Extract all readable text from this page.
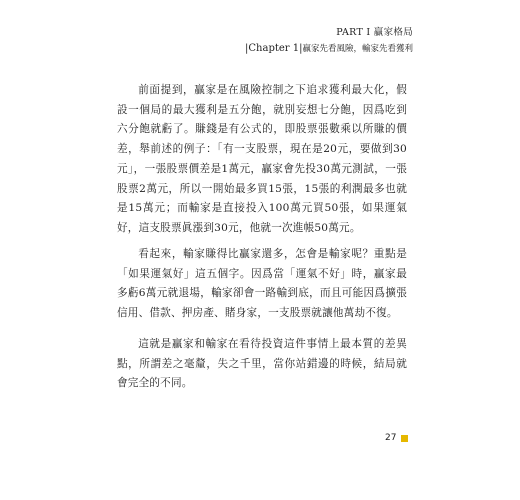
PART Ⅰ 贏家格局
|Chapter 1|贏家先看風險，輸家先看獲利

前面提到，贏家是在風險控制之下追求獲利最大化，假設一個局的最大獲利是五分飽，就別妄想七分飽，因爲吃到六分飽就虧了。賺錢是有公式的，即股票張數乘以所賺的價差，舉前述的例子：「有一支股票，現在是20元，要做到30元」，一張股票價差是1萬元，贏家會先投30萬元測試，一張股票2萬元，所以一開始最多買15張，15張的利潤最多也就是15萬元；而輸家是直接投入100萬元買50張，如果運氣好，這支股票眞漲到30元，他就一次進帳50萬元。

看起來，輸家賺得比贏家還多，怎會是輸家呢？重點是「如果運氣好」這五個字。因爲當「運氣不好」時，贏家最多虧6萬元就退場，輸家卻會一路輸到底，而且可能因爲擴張信用、借款、押房產、賭身家，一支股票就讓他萬劫不復。

這就是贏家和輸家在看待投資這件事情上最本質的差異點，所謂差之毫釐，失之千里，當你站錯邊的時候，結局就會完全的不同。

27
